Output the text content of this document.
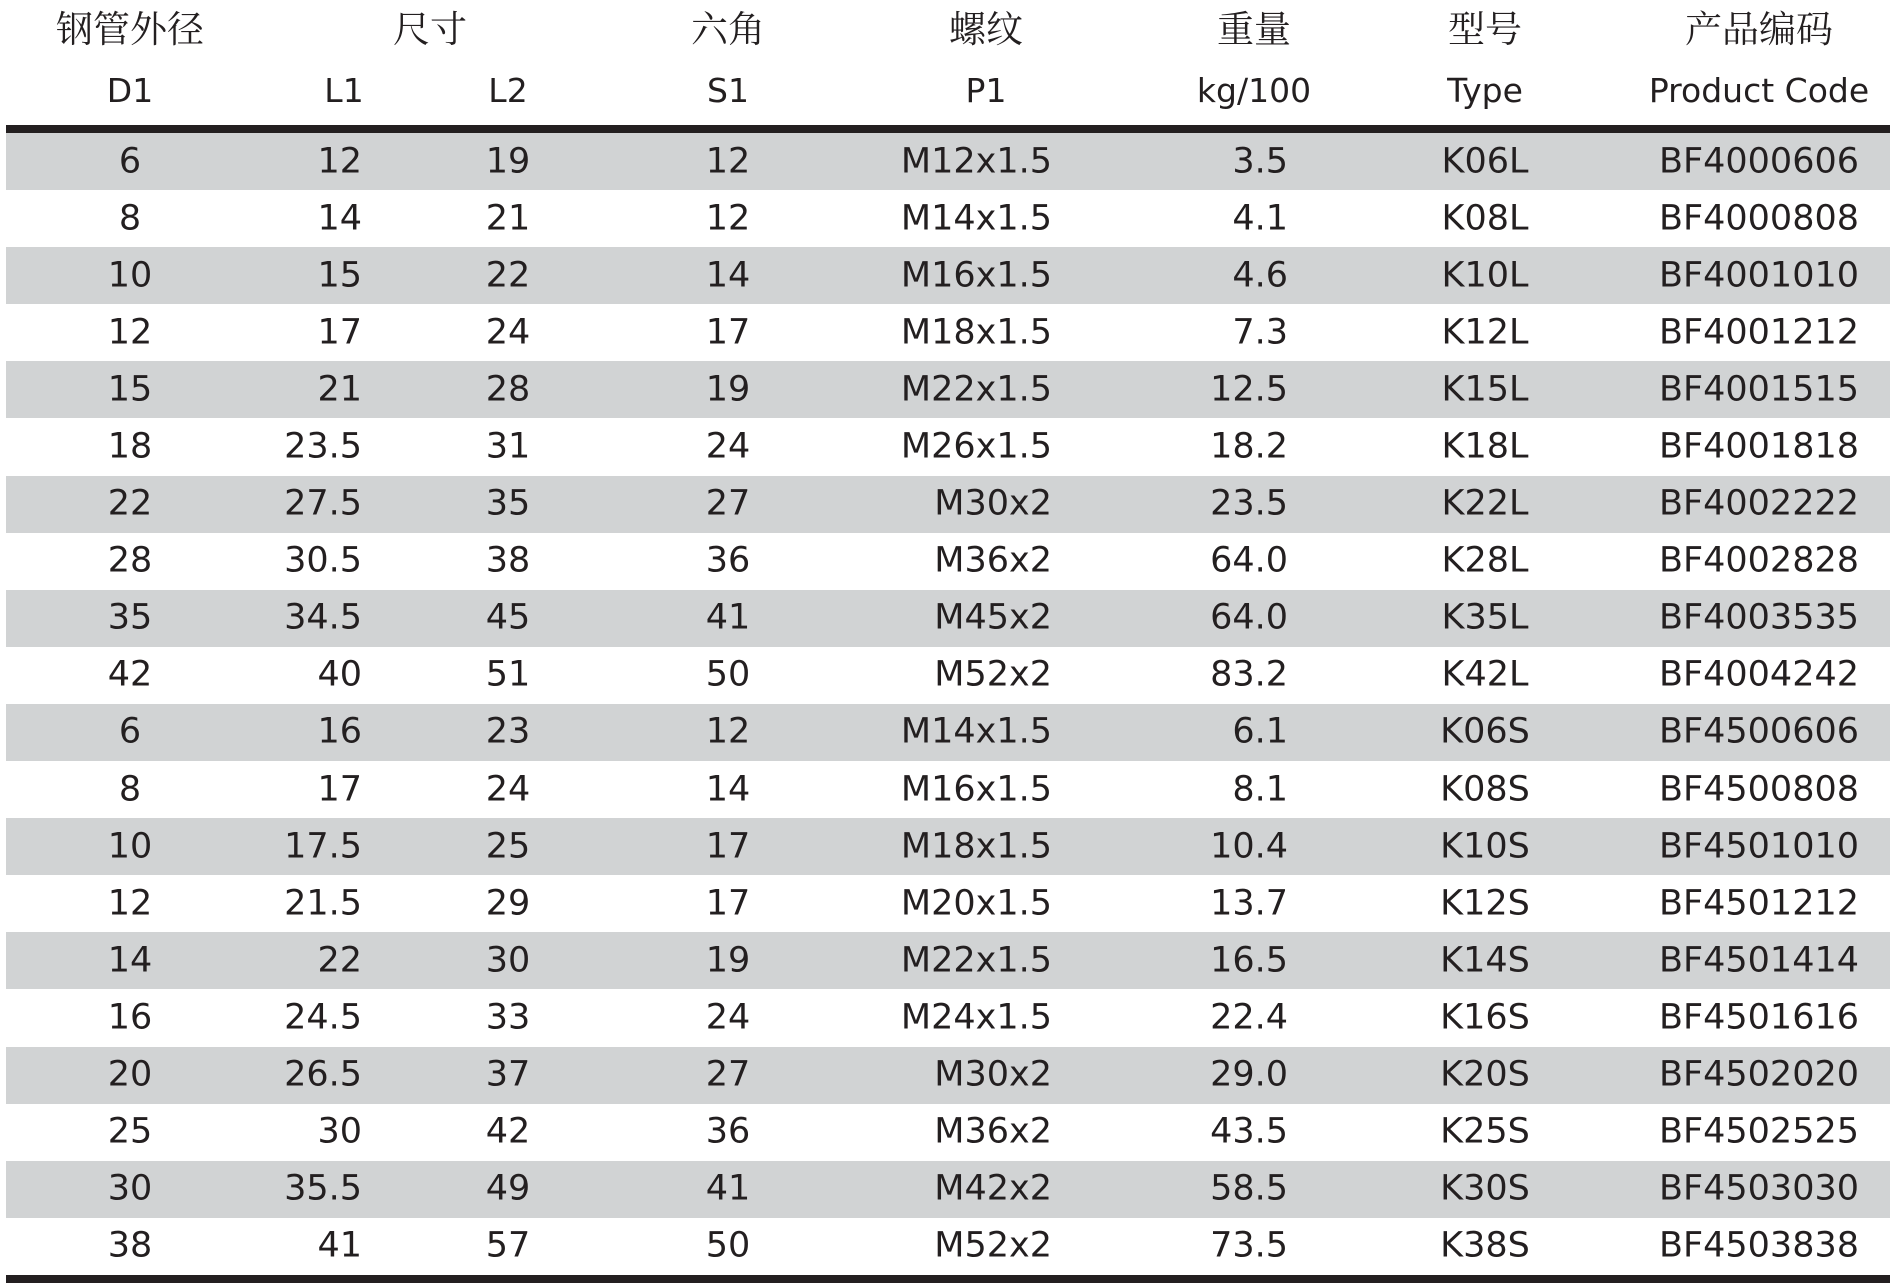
钢管外径	尺寸	六角	螺纹	重量	型号	产品编码
D1	L1	L2	S1	P1	kg/100	Type	Product Code
6	12	19	12	M12x1.5	3.5	K06L	BF4000606
8	14	21	12	M14x1.5	4.1	K08L	BF4000808
10	15	22	14	M16x1.5	4.6	K10L	BF4001010
12	17	24	17	M18x1.5	7.3	K12L	BF4001212
15	21	28	19	M22x1.5	12.5	K15L	BF4001515
18	23.5	31	24	M26x1.5	18.2	K18L	BF4001818
22	27.5	35	27	M30x2	23.5	K22L	BF4002222
28	30.5	38	36	M36x2	64.0	K28L	BF4002828
35	34.5	45	41	M45x2	64.0	K35L	BF4003535
42	40	51	50	M52x2	83.2	K42L	BF4004242
6	16	23	12	M14x1.5	6.1	K06S	BF4500606
8	17	24	14	M16x1.5	8.1	K08S	BF4500808
10	17.5	25	17	M18x1.5	10.4	K10S	BF4501010
12	21.5	29	17	M20x1.5	13.7	K12S	BF4501212
14	22	30	19	M22x1.5	16.5	K14S	BF4501414
16	24.5	33	24	M24x1.5	22.4	K16S	BF4501616
20	26.5	37	27	M30x2	29.0	K20S	BF4502020
25	30	42	36	M36x2	43.5	K25S	BF4502525
30	35.5	49	41	M42x2	58.5	K30S	BF4503030
38	41	57	50	M52x2	73.5	K38S	BF4503838
